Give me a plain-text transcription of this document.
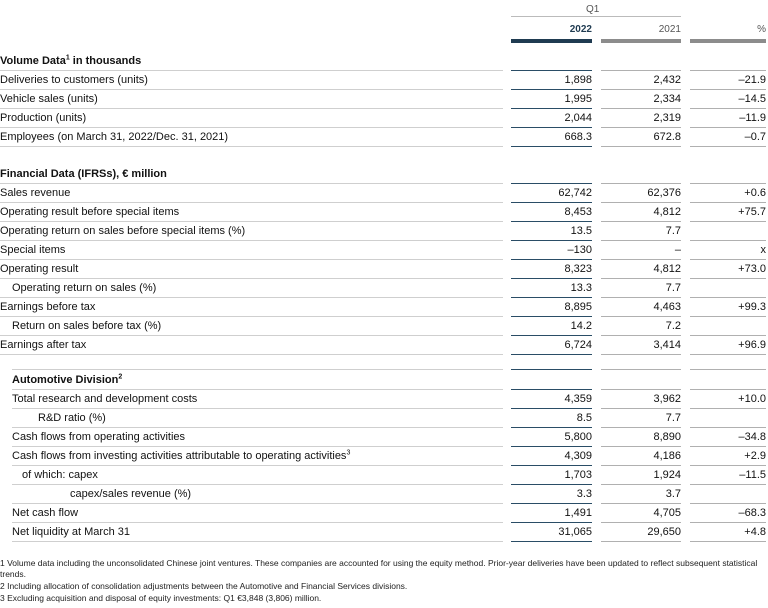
Q1
2022	2021	%
Volume Data$^1$ in thousands
Deliveries to customers (units)	1,898	2,432	–21.9
Vehicle sales (units)	1,995	2,334	–14.5
Production (units)	2,044	2,319	–11.9
Employees (on March 31, 2022/Dec. 31, 2021)	668.3	672.8	–0.7
Financial Data (IFRSs), € million
Sales revenue	62,742	62,376	+0.6
Operating result before special items	8,453	4,812	+75.7
Operating return on sales before special items (%)	13.5	7.7
Special items	–130	–	x
Operating result	8,323	4,812	+73.0
Operating return on sales (%)	13.3	7.7
Earnings before tax	8,895	4,463	+99.3
Return on sales before tax (%)	14.2	7.2
Earnings after tax	6,724	3,414	+96.9
Automotive Division$^2$
Total research and development costs	4,359	3,962	+10.0
R&D ratio (%)	8.5	7.7
Cash flows from operating activities	5,800	8,890	–34.8
Cash flows from investing activities attributable to operating activities$^3$	4,309	4,186	+2.9
of which: capex	1,703	1,924	–11.5
capex/sales revenue (%)	3.3	3.7
Net cash flow	1,491	4,705	–68.3
Net liquidity at March 31	31,065	29,650	+4.8
1 Volume data including the unconsolidated Chinese joint ventures. These companies are accounted for using the equity method. Prior-year deliveries have been updated to reflect subsequent statistical trends.
2 Including allocation of consolidation adjustments between the Automotive and Financial Services divisions.
3 Excluding acquisition and disposal of equity investments: Q1 €3,848 (3,806) million.
